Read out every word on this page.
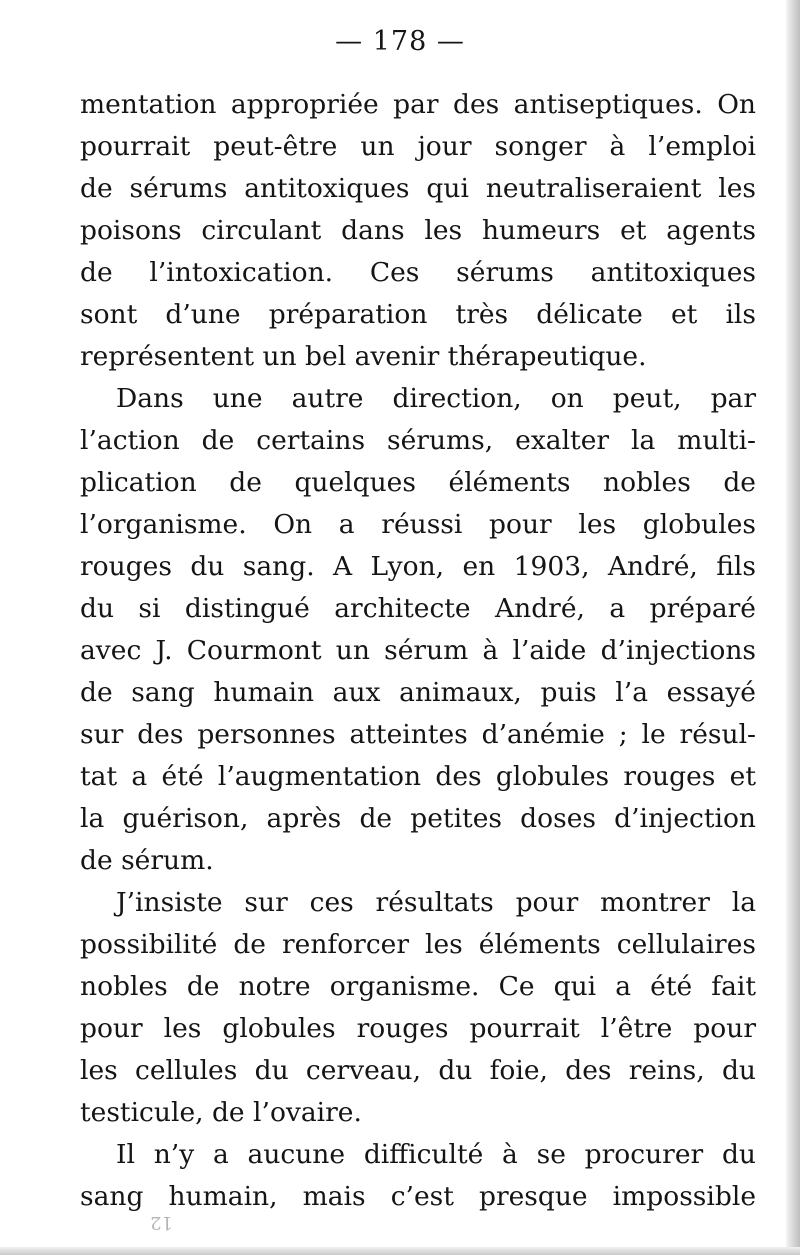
— 178 —
mentation appropriée par des antiseptiques. On
pourrait peut-être un jour songer à l’emploi
de sérums antitoxiques qui neutraliseraient les
poisons circulant dans les humeurs et agents
de l’intoxication. Ces sérums antitoxiques
sont d’une préparation très délicate et ils
représentent un bel avenir thérapeutique.
Dans une autre direction, on peut, par
l’action de certains sérums, exalter la multi-
plication de quelques éléments nobles de
l’organisme. On a réussi pour les globules
rouges du sang. A Lyon, en 1903, André, fils
du si distingué architecte André, a préparé
avec J. Courmont un sérum à l’aide d’injections
de sang humain aux animaux, puis l’a essayé
sur des personnes atteintes d’anémie ; le résul-
tat a été l’augmentation des globules rouges et
la guérison, après de petites doses d’injection
de sérum.
J’insiste sur ces résultats pour montrer la
possibilité de renforcer les éléments cellulaires
nobles de notre organisme. Ce qui a été fait
pour les globules rouges pourrait l’être pour
les cellules du cerveau, du foie, des reins, du
testicule, de l’ovaire.
Il n’y a aucune difficulté à se procurer du
sang humain, mais c’est presque impossible
12
